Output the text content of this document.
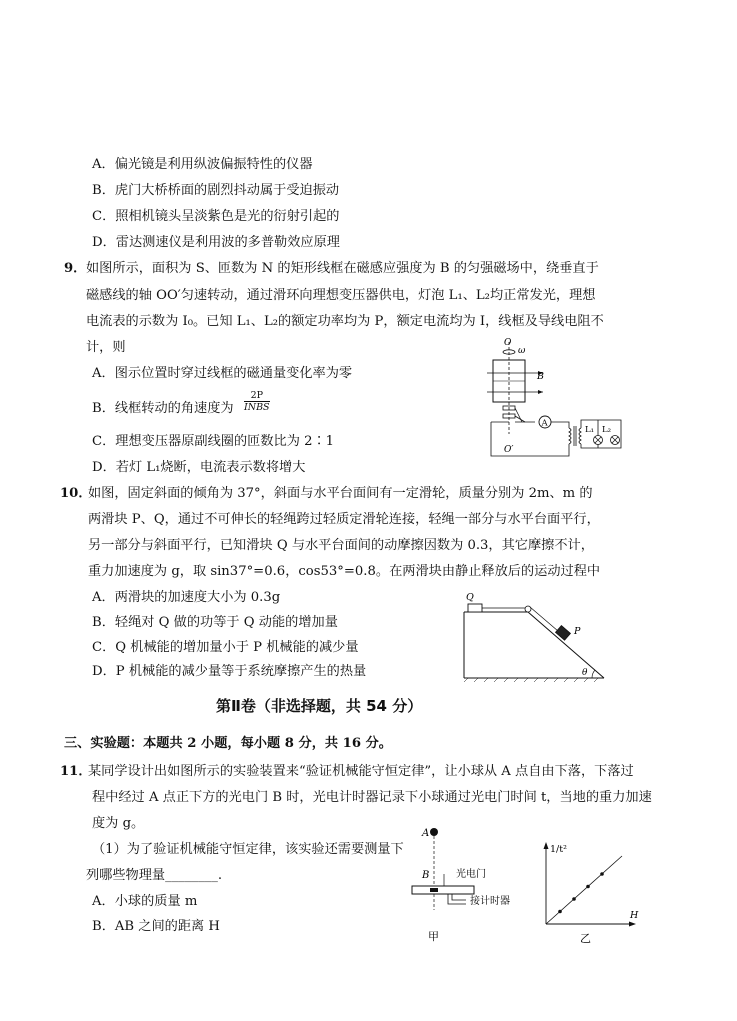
A．偏光镜是利用纵波偏振特性的仪器
B．虎门大桥桥面的剧烈抖动属于受迫振动
C．照相机镜头呈淡紫色是光的衍射引起的
D．雷达测速仪是利用波的多普勒效应原理
9． 如图所示，面积为 S、匝数为 N 的矩形线框在磁感应强度为 B 的匀强磁场中，绕垂直于
磁感线的轴 OO′匀速转动，通过滑环向理想变压器供电，灯泡 L₁、L₂均正常发光，理想
电流表的示数为 I₀。已知 L₁、L₂的额定功率均为 P，额定电流均为 I，线框及导线电阻不
计，则
A．图示位置时穿过线框的磁通量变化率为零
B．线框转动的角速度为
2P
INBS
C．理想变压器原副线圈的匝数比为 2∶1
D．若灯 L₁烧断，电流表示数将增大
O
ω
B
A
L₁ L₂
O′
10．
如图，固定斜面的倾角为 37°，斜面与水平台面间有一定滑轮，质量分别为 2m、m 的
两滑块 P、Q，通过不可伸长的轻绳跨过轻质定滑轮连接，轻绳一部分与水平台面平行，
另一部分与斜面平行，已知滑块 Q 与水平台面间的动摩擦因数为 0.3，其它摩擦不计，
重力加速度为 g，取 sin37°=0.6，cos53°=0.8。在两滑块由静止释放后的运动过程中
A．两滑块的加速度大小为 0.3g
B．轻绳对 Q 做的功等于 Q 动能的增加量
C．Q 机械能的增加量小于 P 机械能的减少量
D．P 机械能的减少量等于系统摩擦产生的热量
Q
P
θ
第Ⅱ卷（非选择题，共 54 分）
三、实验题：本题共 2 小题，每小题 8 分，共 16 分。
11．
某同学设计出如图所示的实验装置来“验证机械能守恒定律”，让小球从 A 点自由下落，下落过
程中经过 A 点正下方的光电门 B 时，光电计时器记录下小球通过光电门时间 t，当地的重力加速
度为 g。
（1）为了验证机械能守恒定律，该实验还需要测量下
列哪些物理量________.
A．小球的质量 m
B．AB 之间的距离 H
A
B	光电门
接计时器
甲
1/t²
H
乙
